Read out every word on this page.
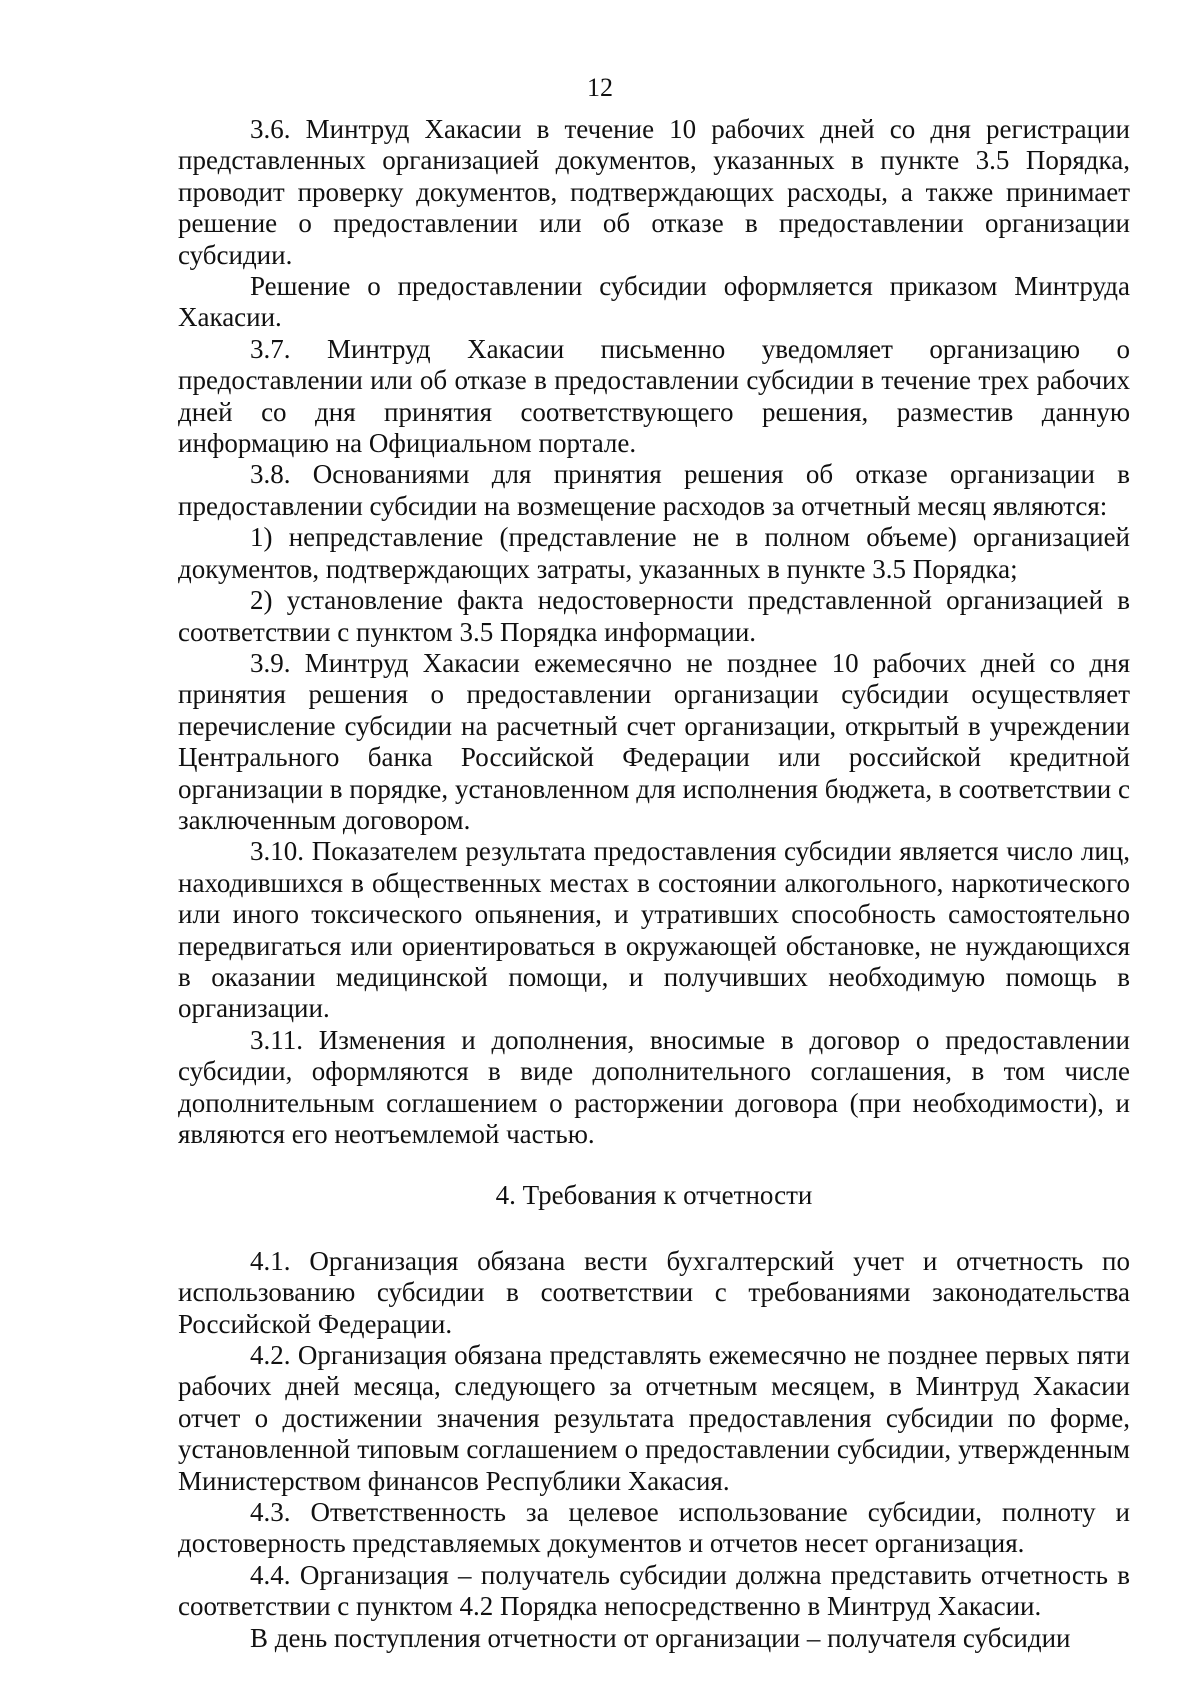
12

3.6. Минтруд Хакасии в течение 10 рабочих дней со дня регистрации представленных организацией документов, указанных в пункте 3.5 Порядка, проводит проверку документов, подтверждающих расходы, а также принимает решение о предоставлении или об отказе в предоставлении организации субсидии.

Решение о предоставлении субсидии оформляется приказом Минтруда Хакасии.

3.7. Минтруд Хакасии письменно уведомляет организацию о предоставлении или об отказе в предоставлении субсидии в течение трех рабочих дней со дня принятия соответствующего решения, разместив данную информацию на Официальном портале.

3.8. Основаниями для принятия решения об отказе организации в предоставлении субсидии на возмещение расходов за отчетный месяц являются:

1) непредставление (представление не в полном объеме) организацией документов, подтверждающих затраты, указанных в пункте 3.5 Порядка;

2) установление факта недостоверности представленной организацией в соответствии с пунктом 3.5 Порядка информации.

3.9. Минтруд Хакасии ежемесячно не позднее 10 рабочих дней со дня принятия решения о предоставлении организации субсидии осуществляет перечисление субсидии на расчетный счет организации, открытый в учреждении Центрального банка Российской Федерации или российской кредитной организации в порядке, установленном для исполнения бюджета, в соответствии с заключенным договором.

3.10. Показателем результата предоставления субсидии является число лиц, находившихся в общественных местах в состоянии алкогольного, наркотического или иного токсического опьянения, и утративших способность самостоятельно передвигаться или ориентироваться в окружающей обстановке, не нуждающихся в оказании медицинской помощи, и получивших необходимую помощь в организации.

3.11. Изменения и дополнения, вносимые в договор о предоставлении субсидии, оформляются в виде дополнительного соглашения, в том числе дополнительным соглашением о расторжении договора (при необходимости), и являются его неотъемлемой частью.

4. Требования к отчетности

4.1. Организация обязана вести бухгалтерский учет и отчетность по использованию субсидии в соответствии с требованиями законодательства Российской Федерации.

4.2. Организация обязана представлять ежемесячно не позднее первых пяти рабочих дней месяца, следующего за отчетным месяцем, в Минтруд Хакасии отчет о достижении значения результата предоставления субсидии по форме, установленной типовым соглашением о предоставлении субсидии, утвержденным Министерством финансов Республики Хакасия.

4.3. Ответственность за целевое использование субсидии, полноту и достоверность представляемых документов и отчетов несет организация.

4.4. Организация – получатель субсидии должна представить отчетность в соответствии с пунктом 4.2 Порядка непосредственно в Минтруд Хакасии.

В день поступления отчетности от организации – получателя субсидии
